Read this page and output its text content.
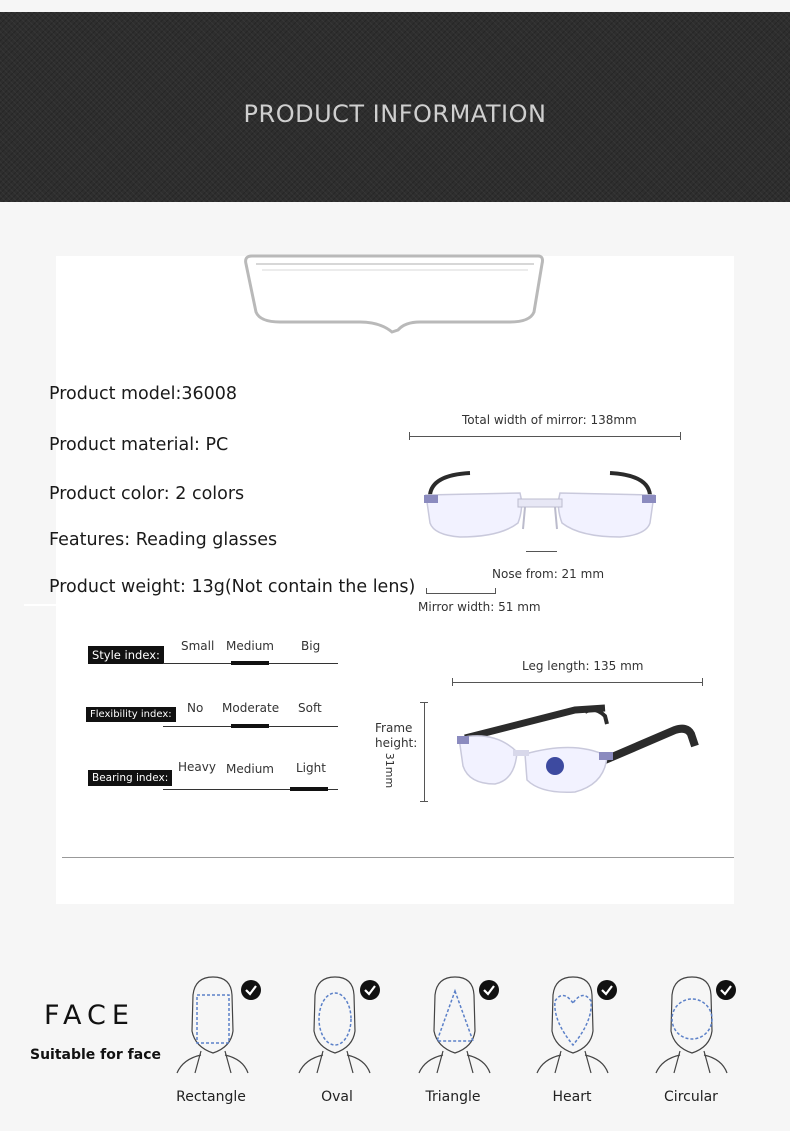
PRODUCT INFORMATION
Product model:36008
Product material: PC
Product color: 2 colors
Features: Reading glasses
Product weight: 13g(Not contain the lens)
Total width of mirror: 138mm
Nose from: 21 mm
Mirror width: 51 mm
Style index:
Small Medium Big
Flexibility index:	No Moderate Soft
Bearing index:
Heavy Medium Light
Leg length: 135 mm
Frame height:
31mm
FACE
Suitable for face
Rectangle	Oval	Triangle	Heart	Circular
